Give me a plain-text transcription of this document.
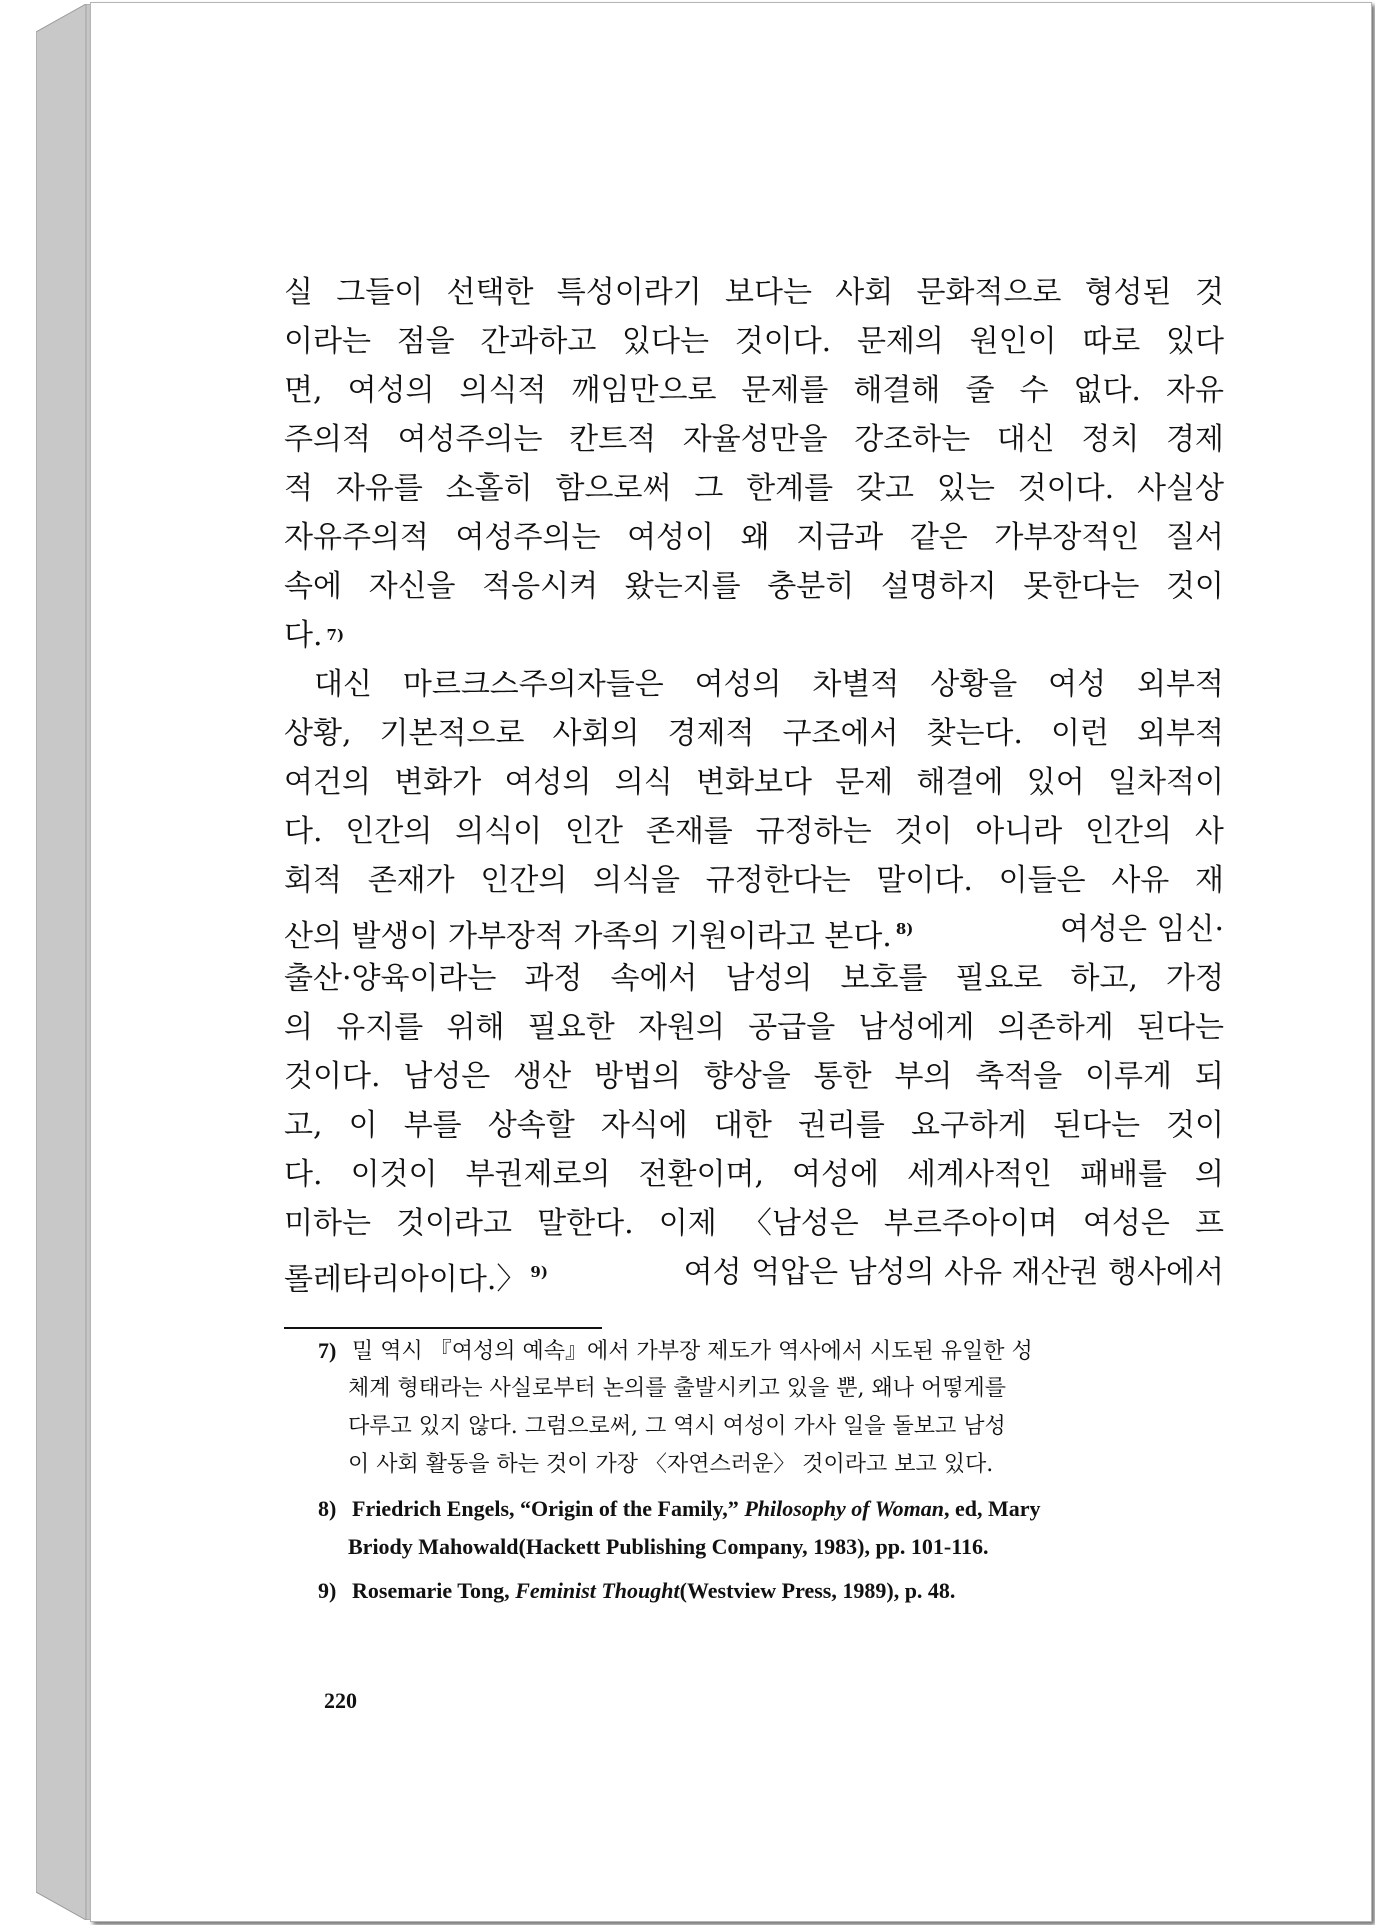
실 그들이 선택한 특성이라기 보다는 사회 문화적으로 형성된 것
이라는 점을 간과하고 있다는 것이다. 문제의 원인이 따로 있다
면, 여성의 의식적 깨임만으로 문제를 해결해 줄 수 없다. 자유
주의적 여성주의는 칸트적 자율성만을 강조하는 대신 정치 경제
적 자유를 소홀히 함으로써 그 한계를 갖고 있는 것이다. 사실상
자유주의적 여성주의는 여성이 왜 지금과 같은 가부장적인 질서
속에 자신을 적응시켜 왔는지를 충분히 설명하지 못한다는 것이
다. 7)
대신 마르크스주의자들은 여성의 차별적 상황을 여성 외부적
상황, 기본적으로 사회의 경제적 구조에서 찾는다. 이런 외부적
여건의 변화가 여성의 의식 변화보다 문제 해결에 있어 일차적이
다. 인간의 의식이 인간 존재를 규정하는 것이 아니라 인간의 사
회적 존재가 인간의 의식을 규정한다는 말이다. 이들은 사유 재
산의 발생이 가부장적 가족의 기원이라고 본다. $^{8)}$	여성은 임신·
출산·양육이라는 과정 속에서 남성의 보호를 필요로 하고, 가정
의 유지를 위해 필요한 자원의 공급을 남성에게 의존하게 된다는
것이다. 남성은 생산 방법의 향상을 통한 부의 축적을 이루게 되
고, 이 부를 상속할 자식에 대한 권리를 요구하게 된다는 것이
다. 이것이 부권제로의 전환이며, 여성에 세계사적인 패배를 의
미하는 것이라고 말한다. 이제 〈남성은 부르주아이며 여성은 프
롤레타리아이다.〉 $^{9)}$	여성 억압은 남성의 사유 재산권 행사에서
7) 밀 역시 『여성의 예속』에서 가부장 제도가 역사에서 시도된 유일한 성
체계 형태라는 사실로부터 논의를 출발시키고 있을 뿐, 왜나 어떻게를
다루고 있지 않다. 그럼으로써, 그 역시 여성이 가사 일을 돌보고 남성
이 사회 활동을 하는 것이 가장 〈자연스러운〉 것이라고 보고 있다.
8) Friedrich Engels, “Origin of the Family,” Philosophy of Woman, ed, Mary
Briody Mahowald(Hackett Publishing Company, 1983), pp. 101-116.
9) Rosemarie Tong, Feminist Thought(Westview Press, 1989), p. 48.
220
